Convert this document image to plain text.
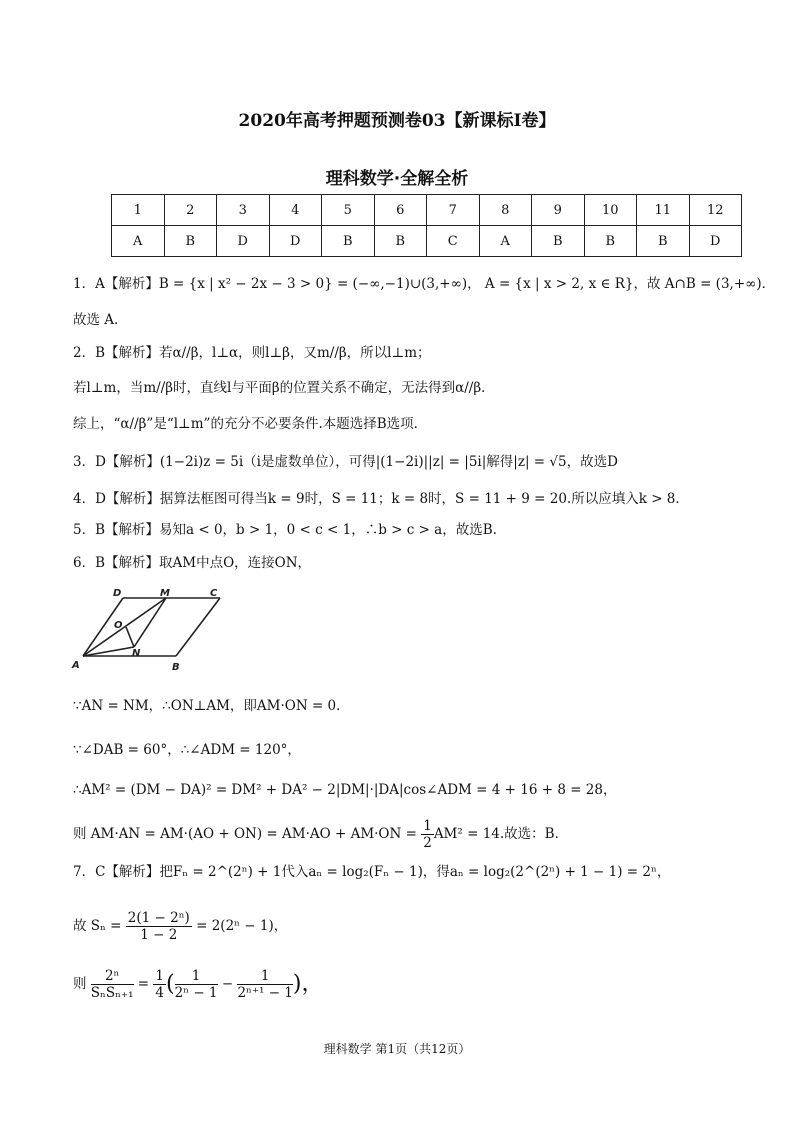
2020年高考押题预测卷03【新课标Ⅰ卷】
理科数学·全解全析
1	2	3	4	5	6	7	8	9	10	11	12
A	B	D	D	B	B	C	A	B	B	B	D
1．A【解析】B = {x | x² − 2x − 3 > 0} = (−∞,−1)∪(3,+∞)， A = {x | x > 2, x ∈ R}，故 A∩B = (3,+∞)．
故选 A．
2．B【解析】若α//β，l⊥α，则l⊥β，又m//β，所以l⊥m；
若l⊥m，当m//β时，直线l与平面β的位置关系不确定，无法得到α//β．
综上，“α//β”是“l⊥m”的充分不必要条件.本题选择B选项.
3．D【解析】(1−2i)z = 5i（i是虚数单位），可得|(1−2i)||z| = |5i|解得|z| = √5，故选D
4．D【解析】据算法框图可得当k = 9时，S = 11；k = 8时，S = 11 + 9 = 20.所以应填入k > 8．
5．B【解析】易知a < 0，b > 1，0 < c < 1，∴b > c > a，故选B.
6．B【解析】取AM中点O，连接ON，
D	M	C
O
N
A	B
∵AN = NM，∴ON⊥AM，即AM·ON = 0．
∵∠DAB = 60°，∴∠ADM = 120°，
∴AM² = (DM − DA)² = DM² + DA² − 2|DM|·|DA|cos∠ADM = 4 + 16 + 8 = 28，
则 $AM\cdot AN = AM\cdot(AO + ON) = AM\cdot AO + AM\cdot ON = \frac{1}{2} AM^2 = 14$.故选：B．
7．C【解析】把Fₙ = 2^(2ⁿ) + 1代入aₙ = log₂(Fₙ − 1)，得aₙ = log₂(2^(2ⁿ) + 1 − 1) = 2ⁿ，
故 $S_n = \frac{\text{2(1 − 2ⁿ)}}{1 - 2} = 2(2^n - 1)$，
则 $\frac{\text{2ⁿ}}{\text{SₙSₙ₊₁}} = \frac{1}{4}$ ( $\frac{1}{\text{2ⁿ − 1}} - \frac{1}{\text{2ⁿ⁺¹ − 1}}$ )，
理科数学 第1页（共12页）
